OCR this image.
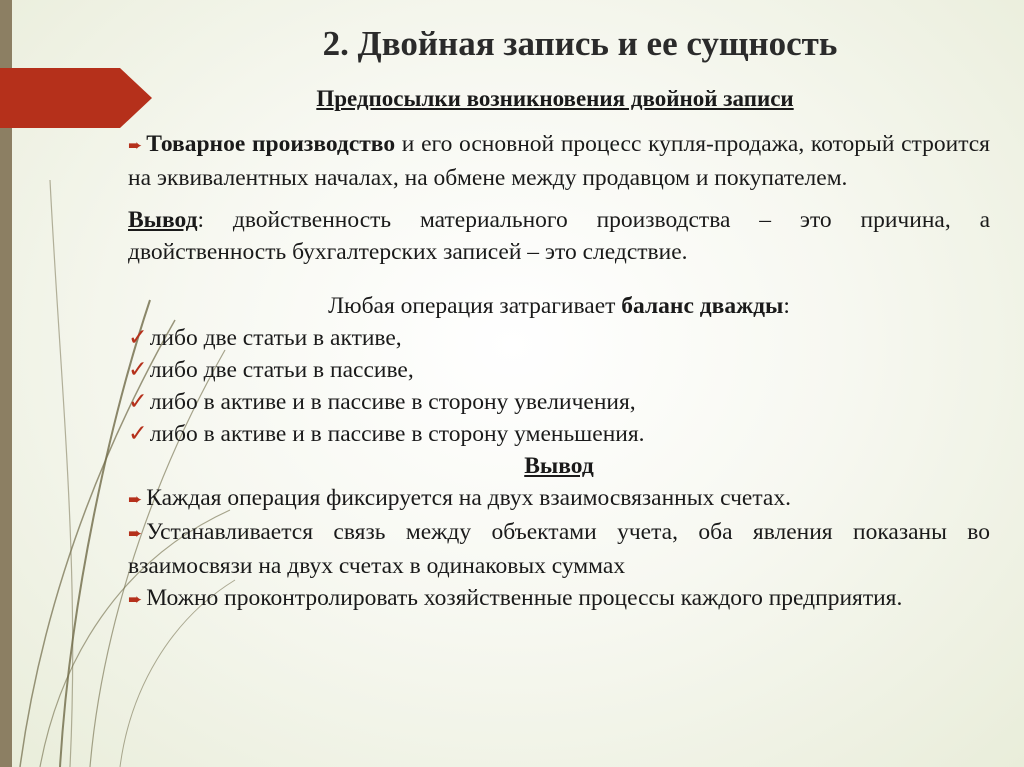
2. Двойная запись и ее сущность
Предпосылки возникновения двойной записи

➨ Товарное производство и его основной процесс купля-продажа, который строится на эквивалентных началах, на обмене между продавцом и покупателем.

Вывод: двойственность материального производства – это причина, а двойственность бухгалтерских записей – это следствие.

Любая операция затрагивает баланс дважды:

✓либо две статьи в активе,

✓либо две статьи в пассиве,

✓либо в активе и в пассиве в сторону увеличения,

✓либо в активе и в пассиве в сторону уменьшения.

Вывод

➨ Каждая операция фиксируется на двух взаимосвязанных счетах.

➨ Устанавливается связь между объектами учета, оба явления показаны во взаимосвязи на двух счетах в одинаковых суммах

➨ Можно проконтролировать хозяйственные процессы каждого предприятия.
